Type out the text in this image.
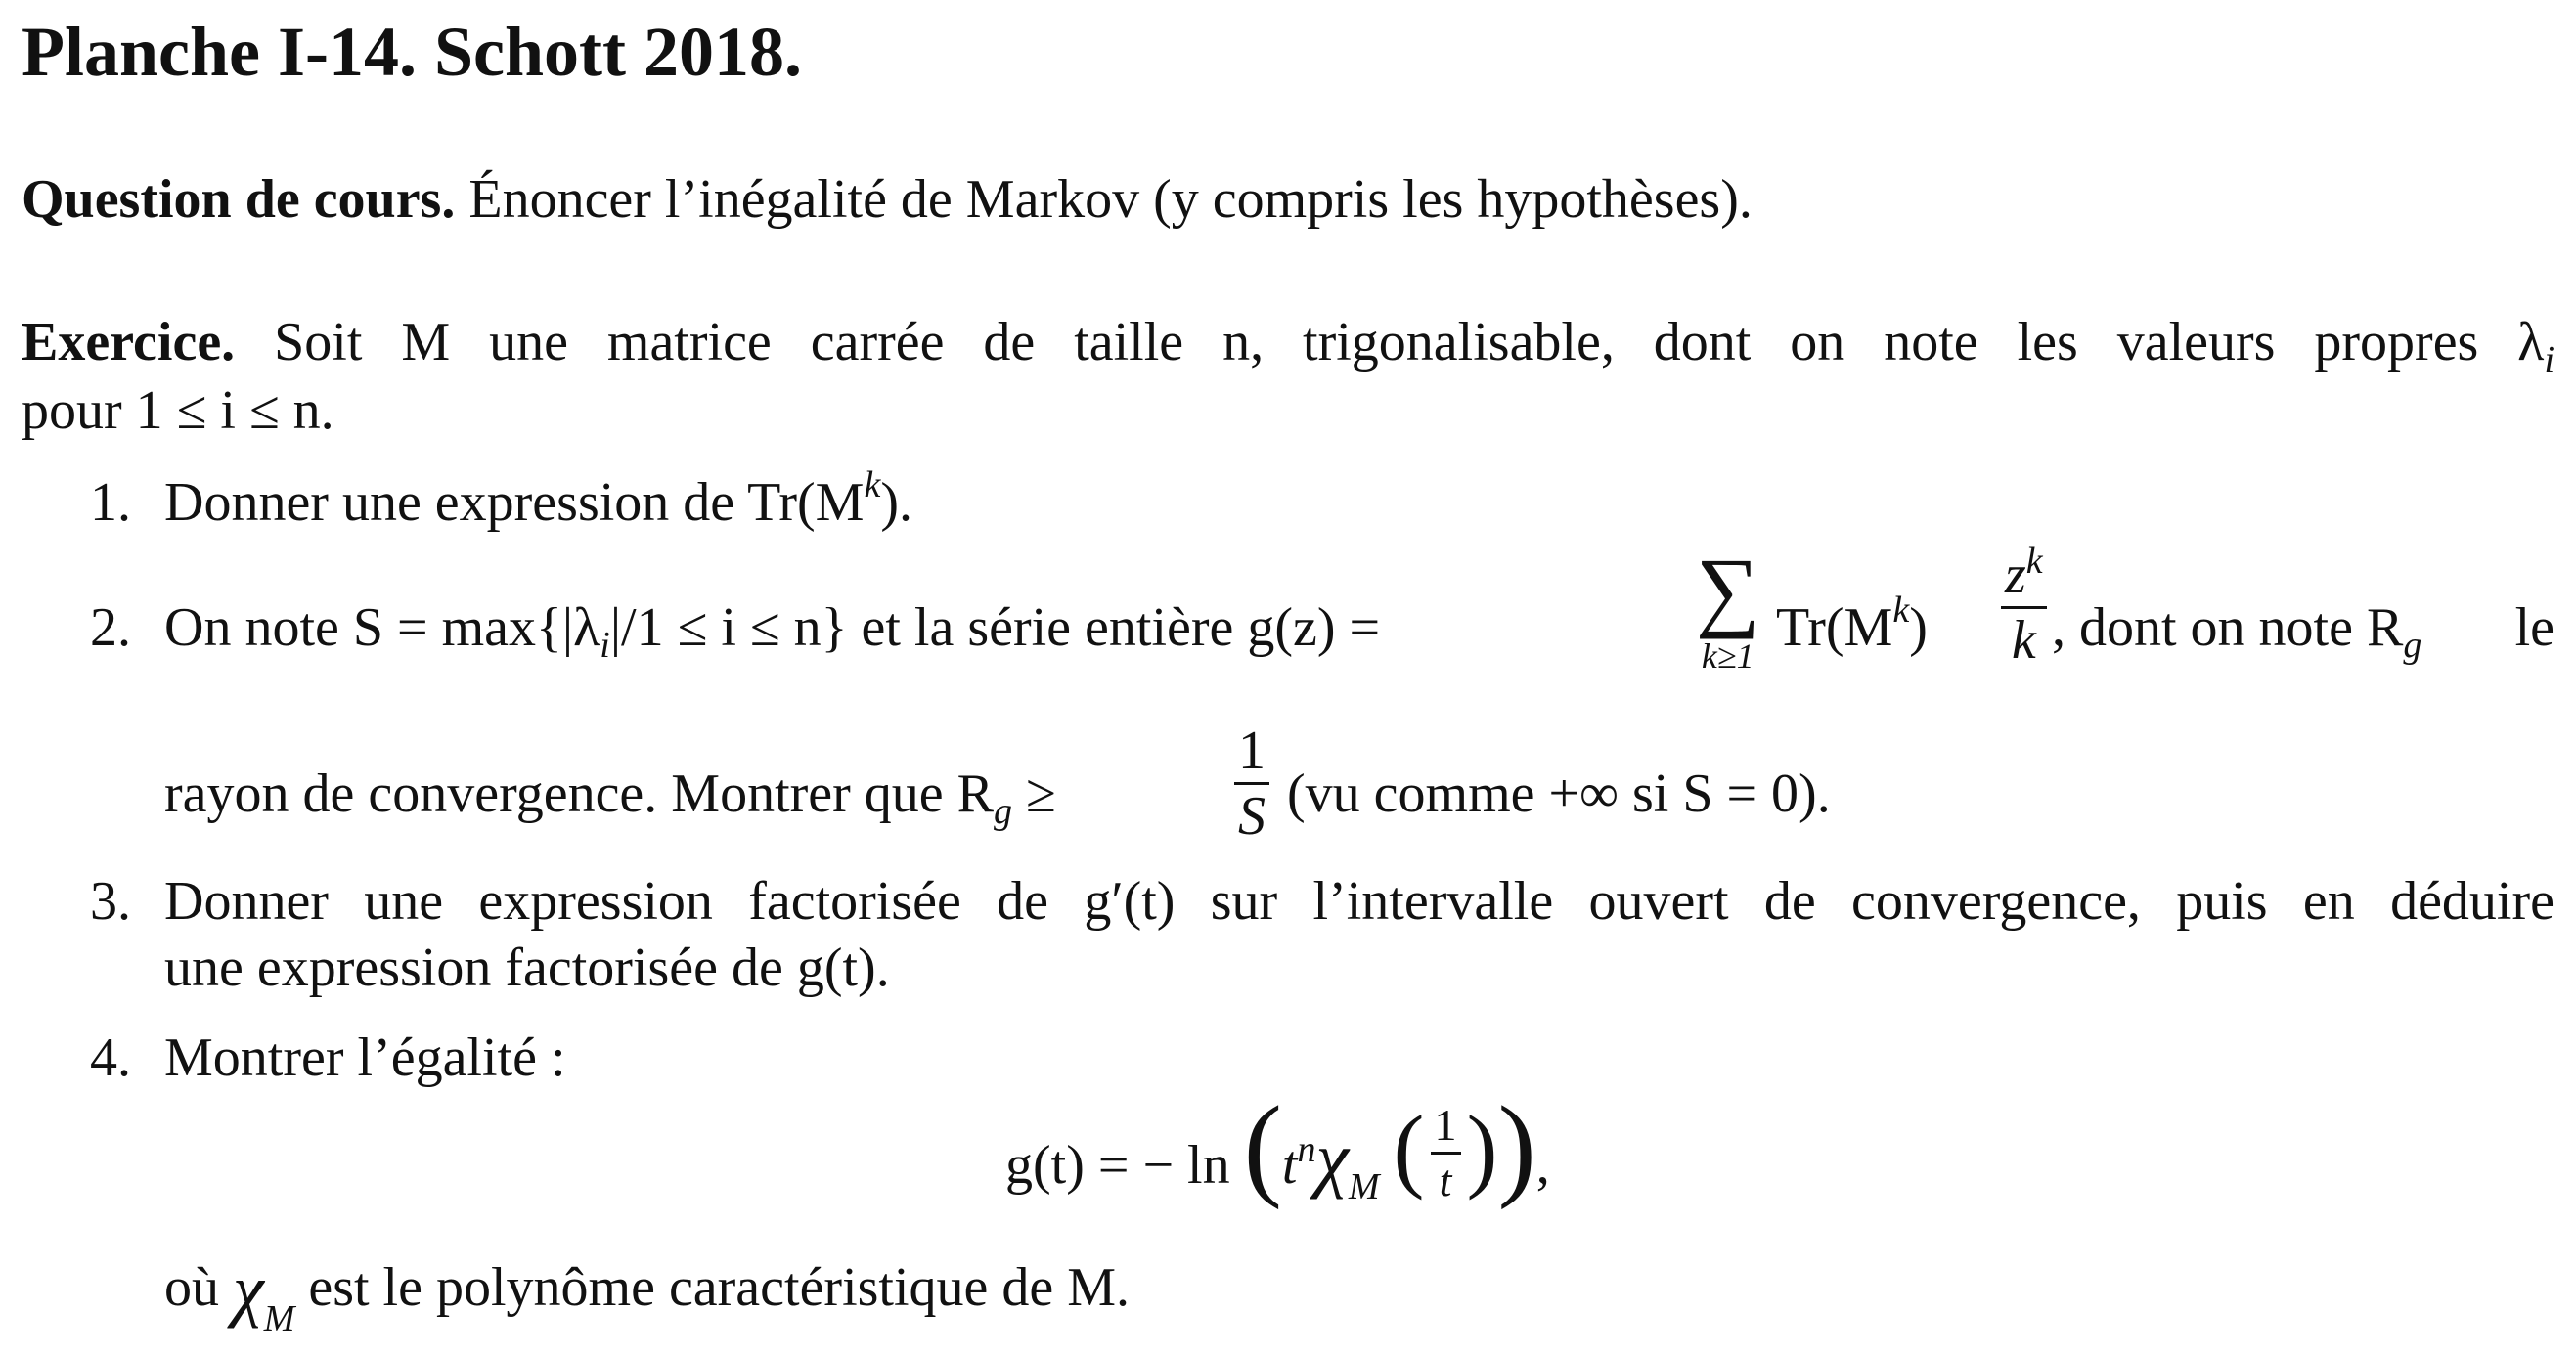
Planche I-14. Schott 2018.
Question de cours. Énoncer l’inégalité de Markov (y compris les hypothèses).
Exercice. Soit M une matrice carrée de taille n, trigonalisable, dont on note les valeurs propres $\lambda_i$
pour 1 ≤ i ≤ n.
1. Donner une expression de $Tr(M^k)$.
2. On note $S = \max\{|\lambda_i|/1 \le i \le n\}$ et la série entière g(z) =	∑
k≥1 $Tr(M^k) \frac{z^k}{k}$ , dont on note $R_g$ le
rayon de convergence. Montrer que $R_g$ ≥	$\frac{1}{S} (vu$ comme +∞ si S = 0).
3. Donner une expression factorisée de g′(t) sur l’intervalle ouvert de convergence, puis en déduire
une expression factorisée de g(t).
4. Montrer l’égalité :
g(t) = − ln (tnχ$_M$ ( $\frac{1}{t}$ )),
où $\chi_M$ est le polynôme caractéristique de M.
